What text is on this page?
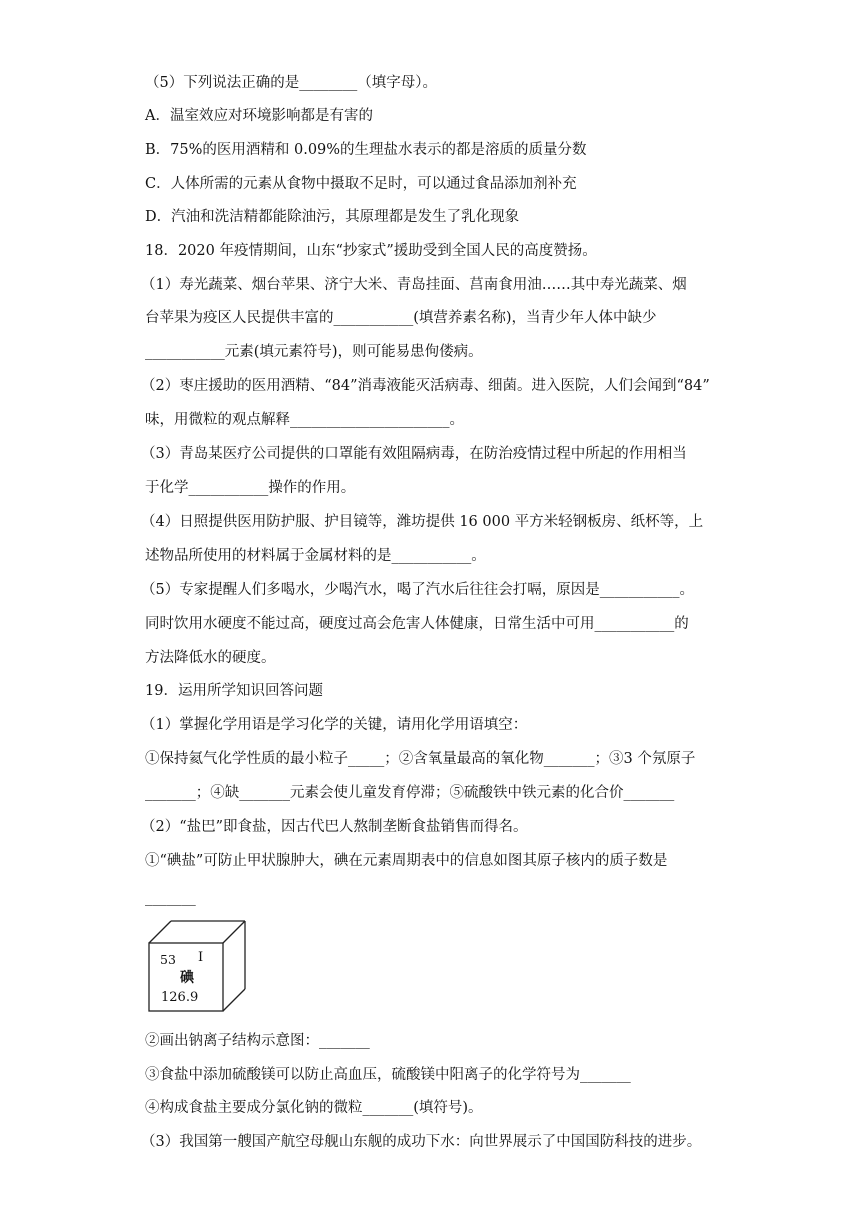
（5）下列说法正确的是________（填字母）。
A．温室效应对环境影响都是有害的
B．75%的医用酒精和 0.09%的生理盐水表示的都是溶质的质量分数
C．人体所需的元素从食物中摄取不足时，可以通过食品添加剂补充
D．汽油和洗洁精都能除油污，其原理都是发生了乳化现象
18．2020 年疫情期间，山东“抄家式”援助受到全国人民的高度赞扬。
（1）寿光蔬菜、烟台苹果、济宁大米、青岛挂面、莒南食用油……其中寿光蔬菜、烟
台苹果为疫区人民提供丰富的___________(填营养素名称)，当青少年人体中缺少
___________元素(填元素符号)，则可能易患佝偻病。
（2）枣庄援助的医用酒精、“84”消毒液能灭活病毒、细菌。进入医院，人们会闻到“84”
味，用微粒的观点解释______________________。
（3）青岛某医疗公司提供的口罩能有效阻隔病毒，在防治疫情过程中所起的作用相当
于化学___________操作的作用。
（4）日照提供医用防护服、护目镜等，潍坊提供 16 000 平方米轻钢板房、纸杯等，上
述物品所使用的材料属于金属材料的是___________。
（5）专家提醒人们多喝水，少喝汽水，喝了汽水后往往会打嗝，原因是___________。
同时饮用水硬度不能过高，硬度过高会危害人体健康，日常生活中可用___________的
方法降低水的硬度。
19．运用所学知识回答问题
（1）掌握化学用语是学习化学的关键，请用化学用语填空：
①保持氦气化学性质的最小粒子_____；②含氧量最高的氧化物_______；③3 个氖原子
_______；④缺_______元素会使儿童发育停滞；⑤硫酸铁中铁元素的化合价_______
（2）“盐巴”即食盐，因古代巴人熬制垄断食盐销售而得名。
①“碘盐”可防止甲状腺肿大，碘在元素周期表中的信息如图其原子核内的质子数是
_______
53 I
碘
126.9
②画出钠离子结构示意图：_______
③食盐中添加硫酸镁可以防止高血压，硫酸镁中阳离子的化学符号为_______
④构成食盐主要成分氯化钠的微粒_______(填符号)。
（3）我国第一艘国产航空母舰山东舰的成功下水：向世界展示了中国国防科技的进步。
